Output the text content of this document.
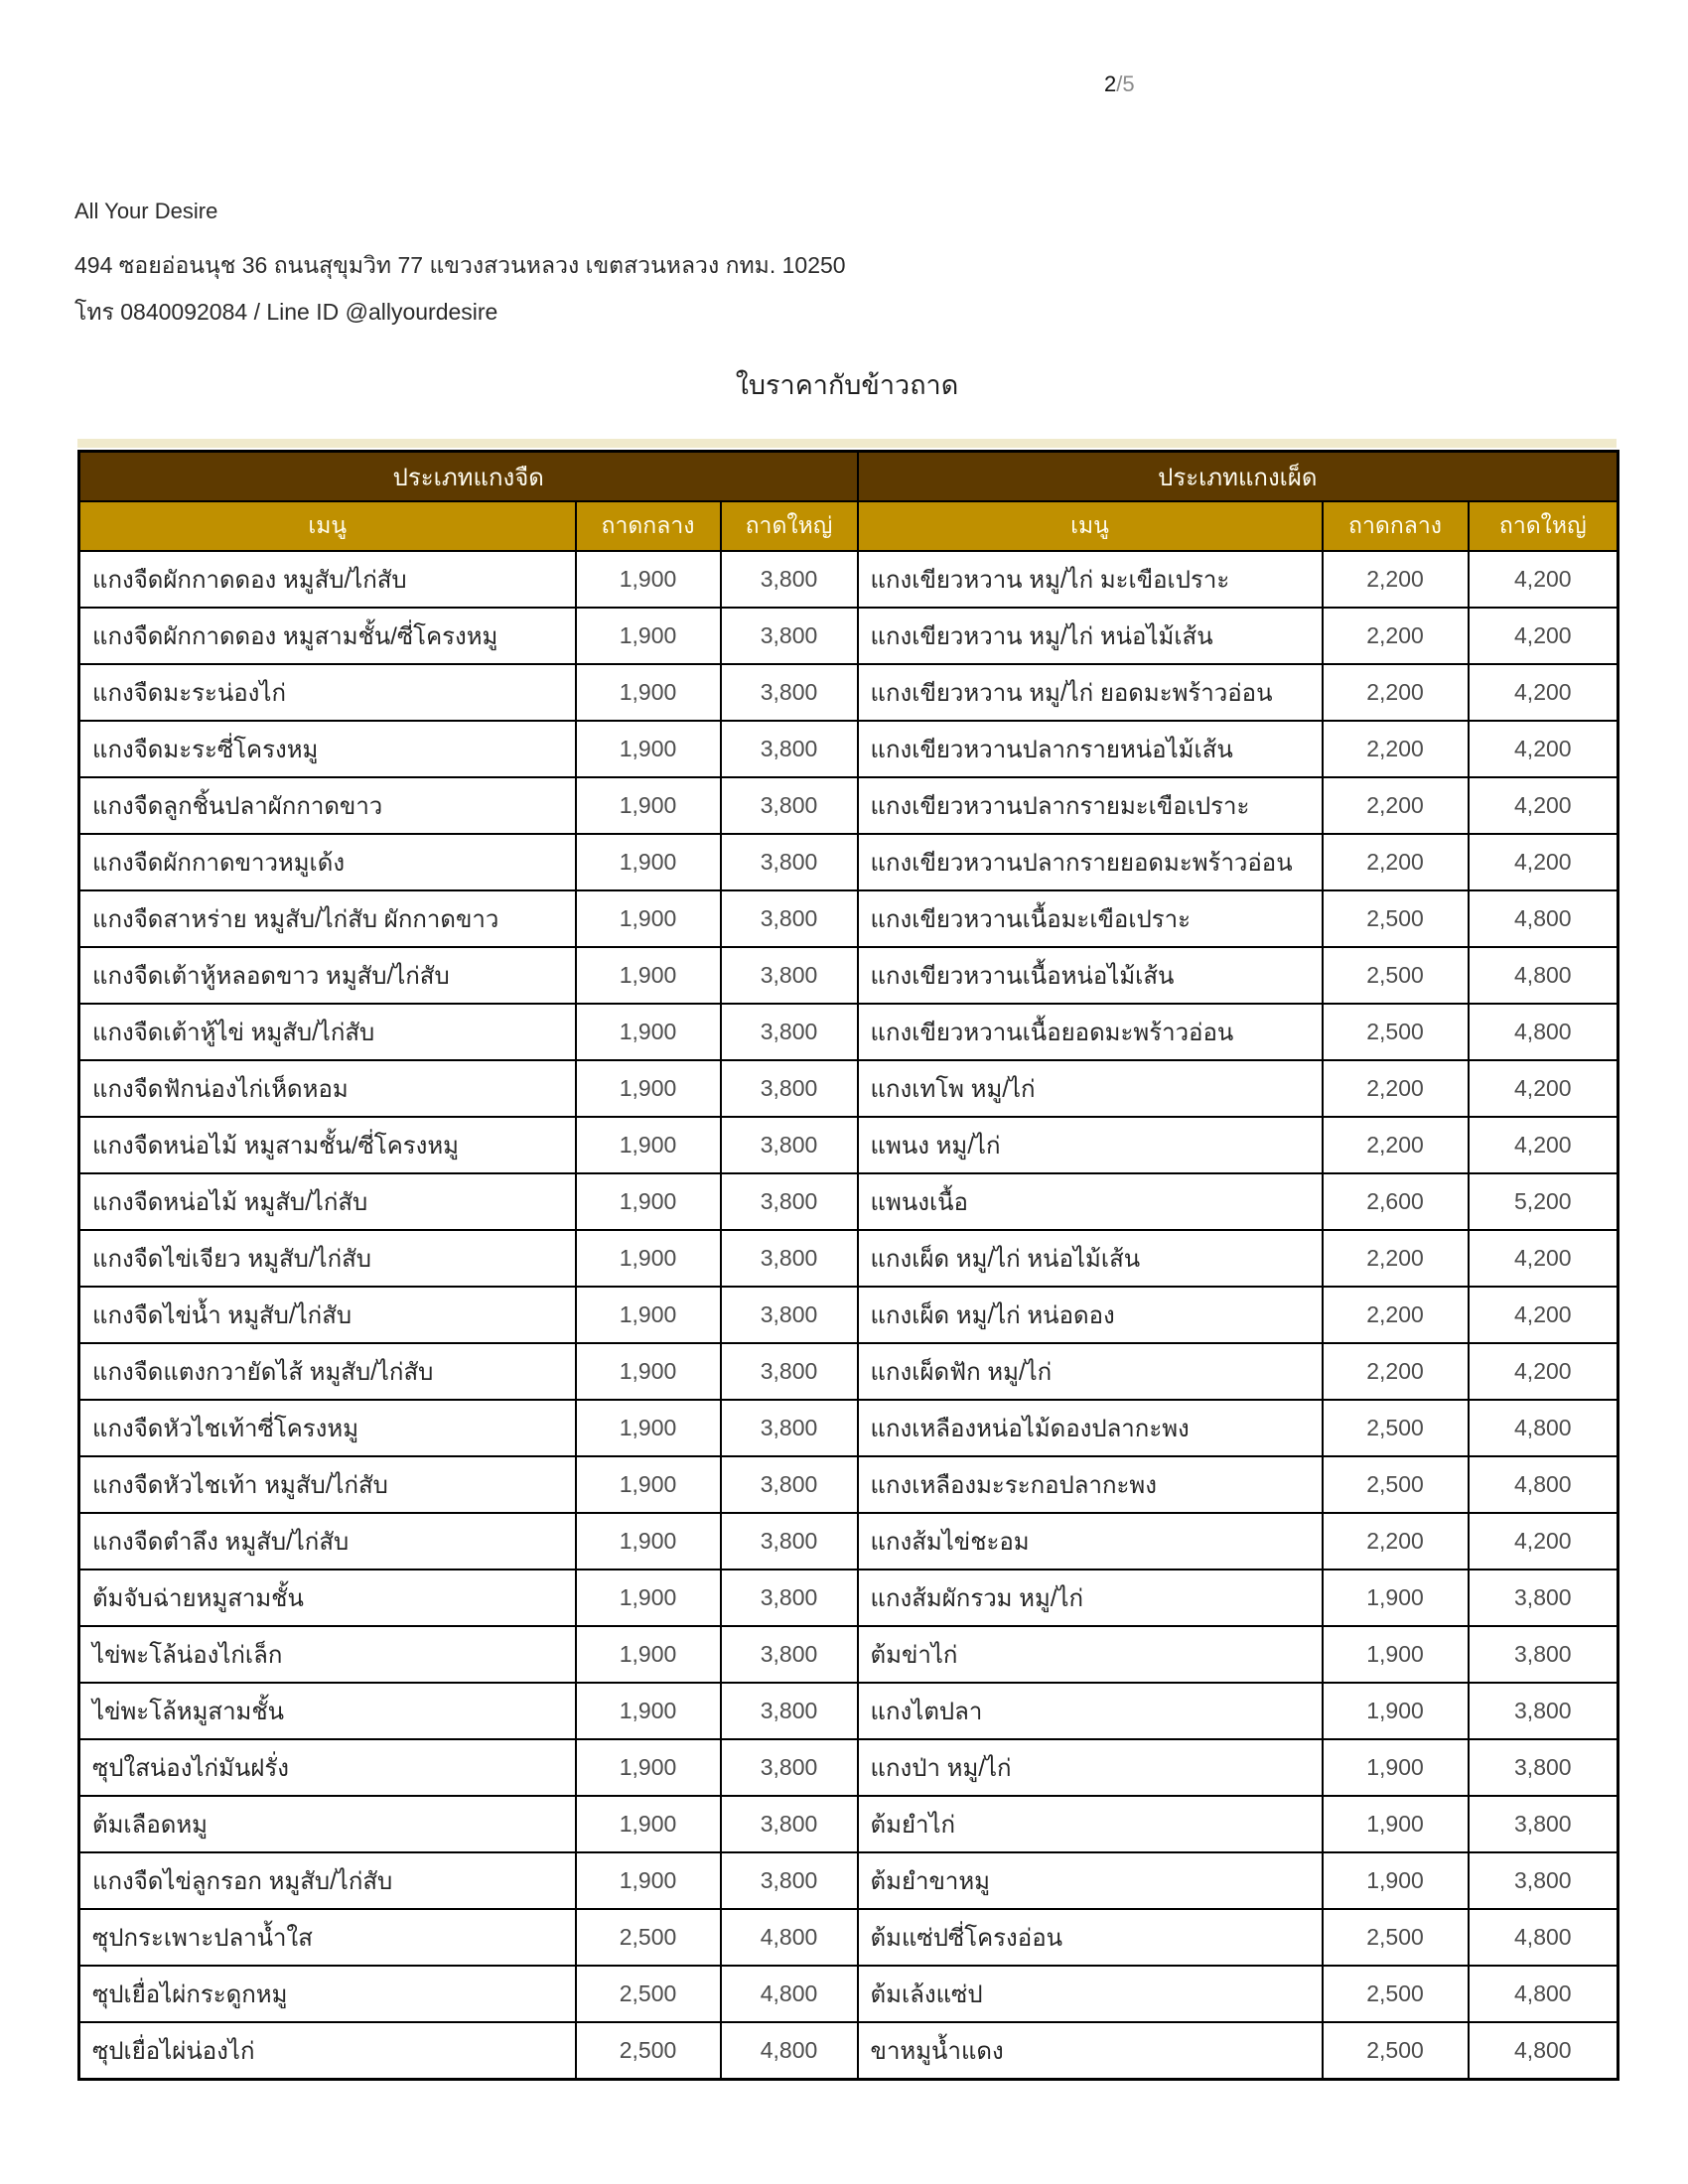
2/5
All Your Desire
494 ซอยอ่อนนุช 36 ถนนสุขุมวิท 77 แขวงสวนหลวง เขตสวนหลวง กทม. 10250
โทร 0840092084 / Line ID @allyourdesire
ใบราคากับข้าวถาด
ประเภทแกงจืด			ประเภทแกงเผ็ด		
เมนู	ถาดกลาง	ถาดใหญ่	เมนู	ถาดกลาง	ถาดใหญ่
แกงจืดผักกาดดอง หมูสับ/ไก่สับ	1,900	3,800	แกงเขียวหวาน หมู/ไก่ มะเขือเปราะ	2,200	4,200
แกงจืดผักกาดดอง หมูสามชั้น/ซี่โครงหมู	1,900	3,800	แกงเขียวหวาน หมู/ไก่ หน่อไม้เส้น	2,200	4,200
แกงจืดมะระน่องไก่	1,900	3,800	แกงเขียวหวาน หมู/ไก่ ยอดมะพร้าวอ่อน	2,200	4,200
แกงจืดมะระซี่โครงหมู	1,900	3,800	แกงเขียวหวานปลากรายหน่อไม้เส้น	2,200	4,200
แกงจืดลูกชิ้นปลาผักกาดขาว	1,900	3,800	แกงเขียวหวานปลากรายมะเขือเปราะ	2,200	4,200
แกงจืดผักกาดขาวหมูเด้ง	1,900	3,800	แกงเขียวหวานปลากรายยอดมะพร้าวอ่อน	2,200	4,200
แกงจืดสาหร่าย หมูสับ/ไก่สับ ผักกาดขาว	1,900	3,800	แกงเขียวหวานเนื้อมะเขือเปราะ	2,500	4,800
แกงจืดเต้าหู้หลอดขาว หมูสับ/ไก่สับ	1,900	3,800	แกงเขียวหวานเนื้อหน่อไม้เส้น	2,500	4,800
แกงจืดเต้าหู้ไข่ หมูสับ/ไก่สับ	1,900	3,800	แกงเขียวหวานเนื้อยอดมะพร้าวอ่อน	2,500	4,800
แกงจืดฟักน่องไก่เห็ดหอม	1,900	3,800	แกงเทโพ หมู/ไก่	2,200	4,200
แกงจืดหน่อไม้ หมูสามชั้น/ซี่โครงหมู	1,900	3,800	แพนง หมู/ไก่	2,200	4,200
แกงจืดหน่อไม้ หมูสับ/ไก่สับ	1,900	3,800	แพนงเนื้อ	2,600	5,200
แกงจืดไข่เจียว หมูสับ/ไก่สับ	1,900	3,800	แกงเผ็ด หมู/ไก่ หน่อไม้เส้น	2,200	4,200
แกงจืดไข่น้ำ หมูสับ/ไก่สับ	1,900	3,800	แกงเผ็ด หมู/ไก่ หน่อดอง	2,200	4,200
แกงจืดแตงกวายัดไส้ หมูสับ/ไก่สับ	1,900	3,800	แกงเผ็ดฟัก หมู/ไก่	2,200	4,200
แกงจืดหัวไชเท้าซี่โครงหมู	1,900	3,800	แกงเหลืองหน่อไม้ดองปลากะพง	2,500	4,800
แกงจืดหัวไชเท้า หมูสับ/ไก่สับ	1,900	3,800	แกงเหลืองมะระกอปลากะพง	2,500	4,800
แกงจืดตำลึง หมูสับ/ไก่สับ	1,900	3,800	แกงส้มไข่ชะอม	2,200	4,200
ต้มจับฉ่ายหมูสามชั้น	1,900	3,800	แกงส้มผักรวม หมู/ไก่	1,900	3,800
ไข่พะโล้น่องไก่เล็ก	1,900	3,800	ต้มข่าไก่	1,900	3,800
ไข่พะโล้หมูสามชั้น	1,900	3,800	แกงไตปลา	1,900	3,800
ซุปใสน่องไก่มันฝรั่ง	1,900	3,800	แกงป่า หมู/ไก่	1,900	3,800
ต้มเลือดหมู	1,900	3,800	ต้มยำไก่	1,900	3,800
แกงจืดไข่ลูกรอก หมูสับ/ไก่สับ	1,900	3,800	ต้มยำขาหมู	1,900	3,800
ซุปกระเพาะปลาน้ำใส	2,500	4,800	ต้มแซ่ปซี่โครงอ่อน	2,500	4,800
ซุปเยื่อไผ่กระดูกหมู	2,500	4,800	ต้มเล้งแซ่ป	2,500	4,800
ซุปเยื่อไผ่น่องไก่	2,500	4,800	ขาหมูน้ำแดง	2,500	4,800
